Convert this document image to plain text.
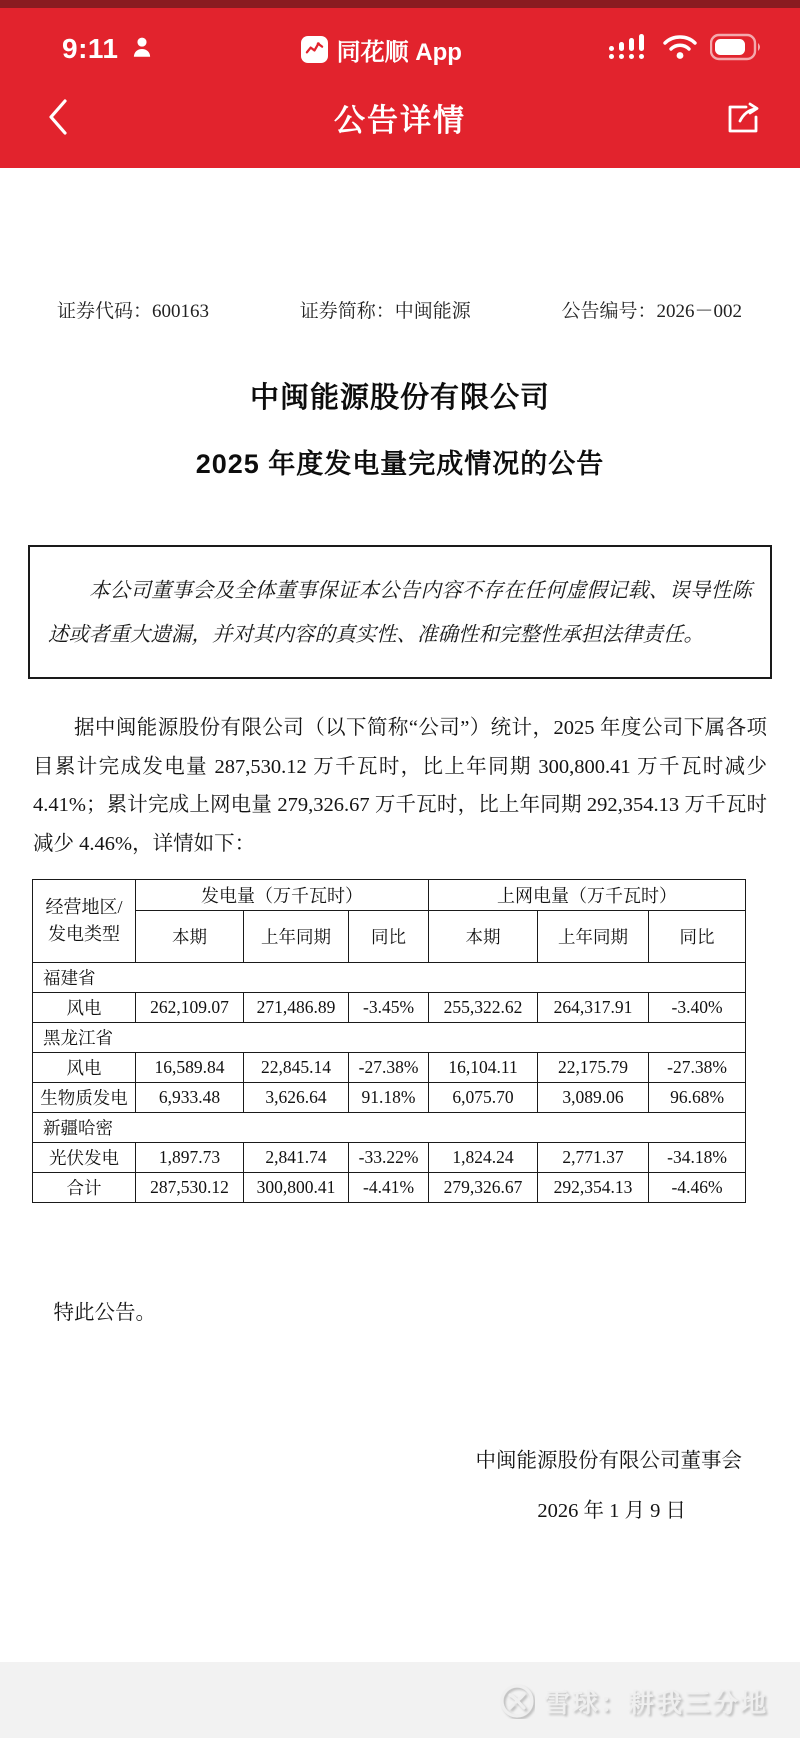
9:11	同花顺 App
公告详情
证券代码：600163	证券简称：中闽能源	公告编号：2026－002
中闽能源股份有限公司
2025 年度发电量完成情况的公告

本公司董事会及全体董事保证本公告内容不存在任何虚假记载、误导性陈述或者重大遗漏，并对其内容的真实性、准确性和完整性承担法律责任。

据中闽能源股份有限公司（以下简称“公司”）统计，2025 年度公司下属各项目累计完成发电量 287,530.12 万千瓦时，比上年同期 300,800.41 万千瓦时减少 4.41%；累计完成上网电量 279,326.67 万千瓦时，比上年同期 292,354.13 万千瓦时减少 4.46%，详情如下：

经营地区/
发电类型	发电量（万千瓦时）			上网电量（万千瓦时）		
	本期	上年同期	同比	本期	上年同期	同比
福建省						
风电	262,109.07	271,486.89	-3.45%	255,322.62	264,317.91	-3.40%
黑龙江省						
风电	16,589.84	22,845.14	-27.38%	16,104.11	22,175.79	-27.38%
生物质发电	6,933.48	3,626.64	91.18%	6,075.70	3,089.06	96.68%
新疆哈密						
光伏发电	1,897.73	2,841.74	-33.22%	1,824.24	2,771.37	-34.18%
合计	287,530.12	300,800.41	-4.41%	279,326.67	292,354.13	-4.46%

特此公告。

中闽能源股份有限公司董事会

2026 年 1 月 9 日

雪球：耕我三分地
